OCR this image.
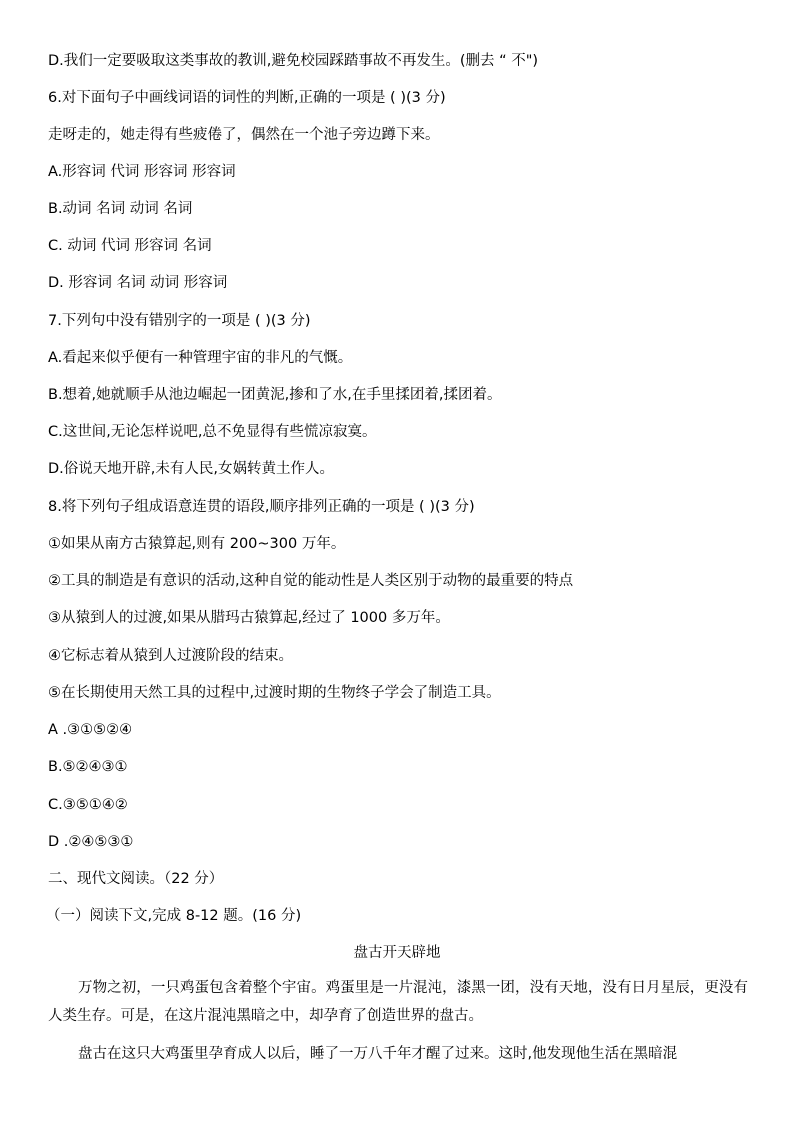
D.我们一定要吸取这类事故的教训,避免校园踩踏事故不再发生。(删去 “ 不")
6.对下面句子中画线词语的词性的判断,正确的一项是 ( )(3 分)
走呀走的，她走得有些疲倦了，偶然在一个池子旁边蹲下来。
A.形容词 代词 形容词 形容词
B.动词 名词 动词 名词
C. 动词 代词 形容词 名词
D. 形容词 名词 动词 形容词
7.下列句中没有错别字的一项是 ( )(3 分)
A.看起来似乎便有一种管理宇宙的非凡的气慨。
B.想着,她就顺手从池边崛起一团黄泥,掺和了水,在手里揉团着,揉团着。
C.这世间,无论怎样说吧,总不免显得有些慌凉寂寞。
D.俗说天地开辟,未有人民,女娲转黄土作人。
8.将下列句子组成语意连贯的语段,顺序排列正确的一项是 ( )(3 分)
①如果从南方古猿算起,则有 200~300 万年。
②工具的制造是有意识的活动,这种自觉的能动性是人类区别于动物的最重要的特点
③从猿到人的过渡,如果从腊玛古猿算起,经过了 1000 多万年。
④它标志着从猿到人过渡阶段的结束。
⑤在长期使用天然工具的过程中,过渡时期的生物终子学会了制造工具。
A .③①⑤②④
B.⑤②④③①
C.③⑤①④②
D .②④⑤③①
二、现代文阅读。（22 分）
（一）阅读下文,完成 8-12 题。(16 分)
盘古开天辟地
万物之初，一只鸡蛋包含着整个宇宙。鸡蛋里是一片混沌，漆黑一团，没有天地，没有日月星辰，更没有人类生存。可是，在这片混沌黑暗之中，却孕育了创造世界的盘古。
盘古在这只大鸡蛋里孕育成人以后，睡了一万八千年才醒了过来。这时,他发现他生活在黑暗混
